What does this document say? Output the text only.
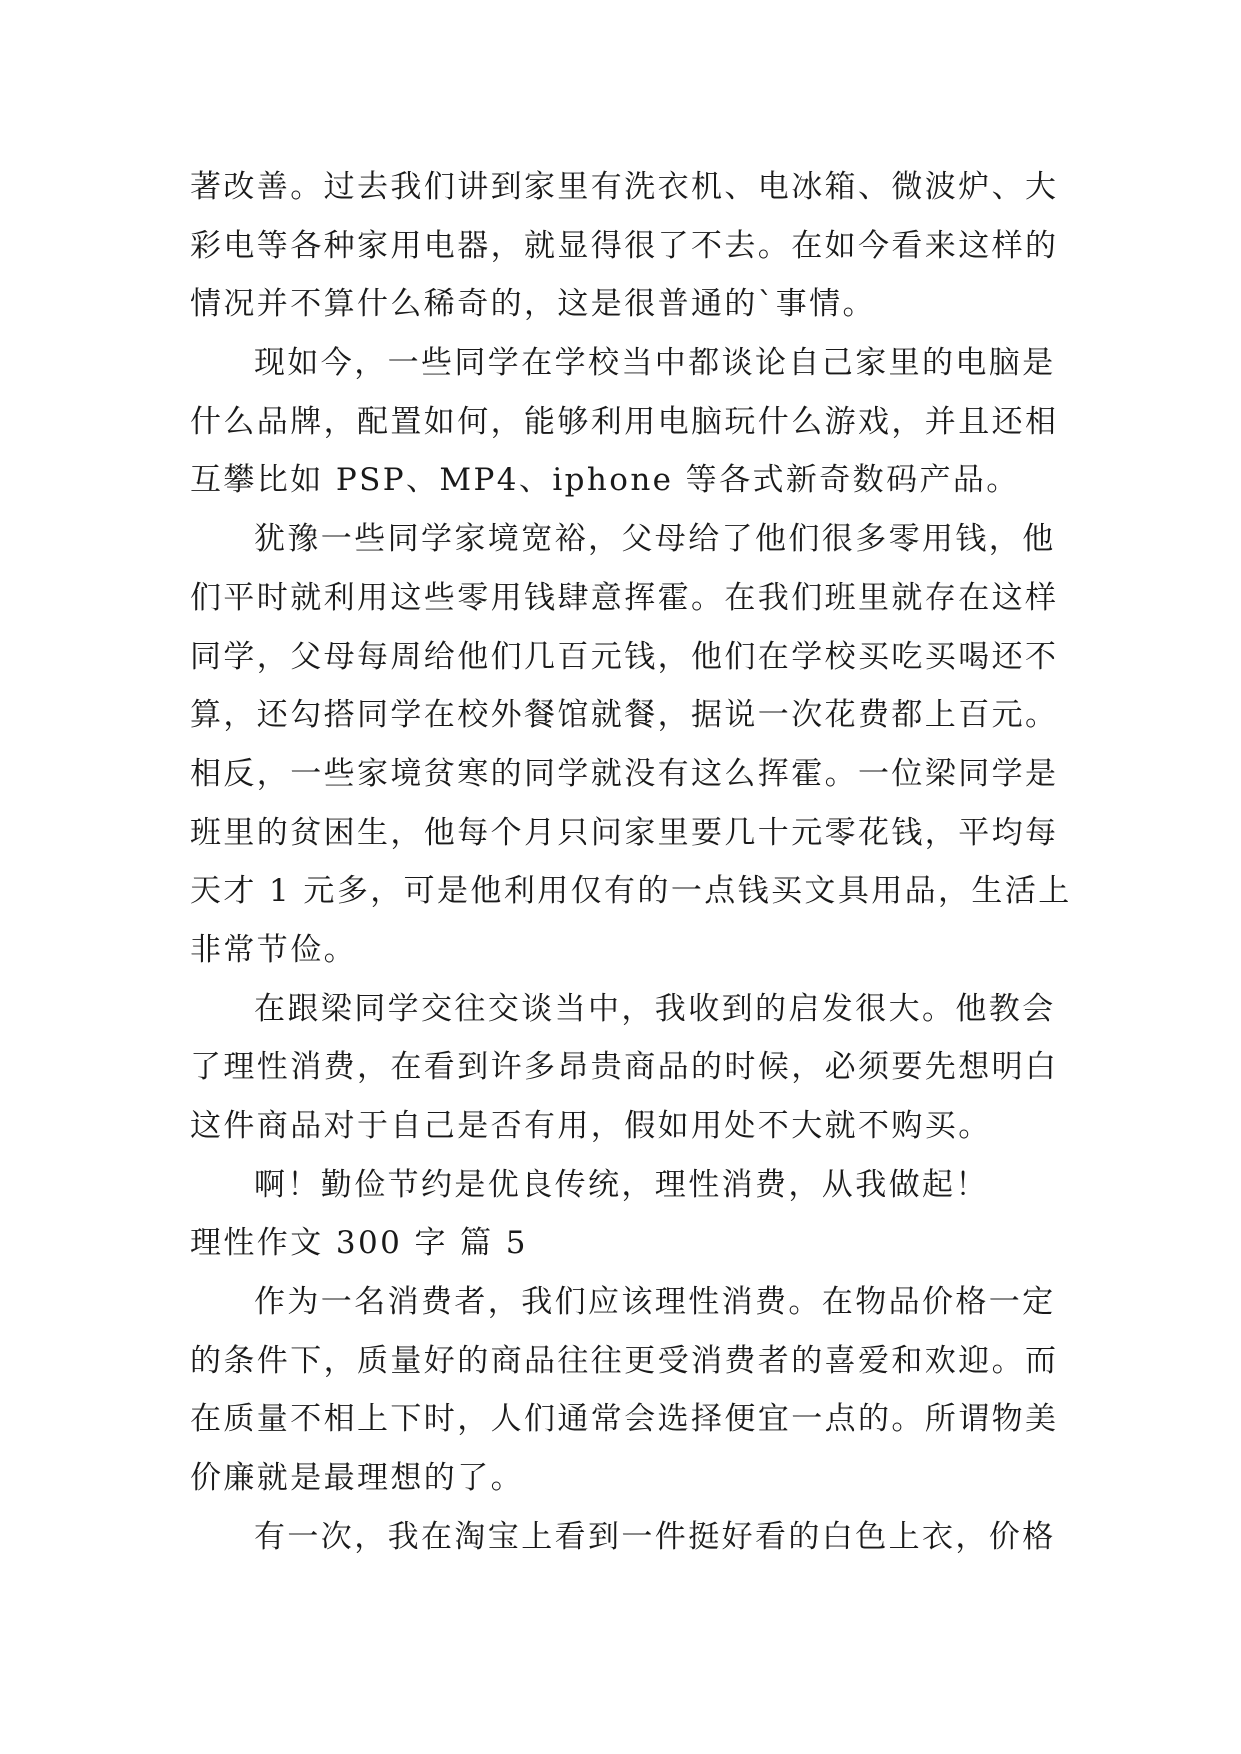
著改善。过去我们讲到家里有洗衣机、电冰箱、微波炉、大
彩电等各种家用电器，就显得很了不去。在如今看来这样的
情况并不算什么稀奇的，这是很普通的`事情。
现如今，一些同学在学校当中都谈论自己家里的电脑是
什么品牌，配置如何，能够利用电脑玩什么游戏，并且还相
互攀比如 PSP、MP4、iphone 等各式新奇数码产品。
犹豫一些同学家境宽裕，父母给了他们很多零用钱，他
们平时就利用这些零用钱肆意挥霍。在我们班里就存在这样
同学，父母每周给他们几百元钱，他们在学校买吃买喝还不
算，还勾搭同学在校外餐馆就餐，据说一次花费都上百元。
相反，一些家境贫寒的同学就没有这么挥霍。一位梁同学是
班里的贫困生，他每个月只问家里要几十元零花钱，平均每
天才 1 元多，可是他利用仅有的一点钱买文具用品，生活上
非常节俭。
在跟梁同学交往交谈当中，我收到的启发很大。他教会
了理性消费，在看到许多昂贵商品的时候，必须要先想明白
这件商品对于自己是否有用，假如用处不大就不购买。
啊！勤俭节约是优良传统，理性消费，从我做起！
理性作文 300 字 篇 5
作为一名消费者，我们应该理性消费。在物品价格一定
的条件下，质量好的商品往往更受消费者的喜爱和欢迎。而
在质量不相上下时，人们通常会选择便宜一点的。所谓物美
价廉就是最理想的了。
有一次，我在淘宝上看到一件挺好看的白色上衣，价格
